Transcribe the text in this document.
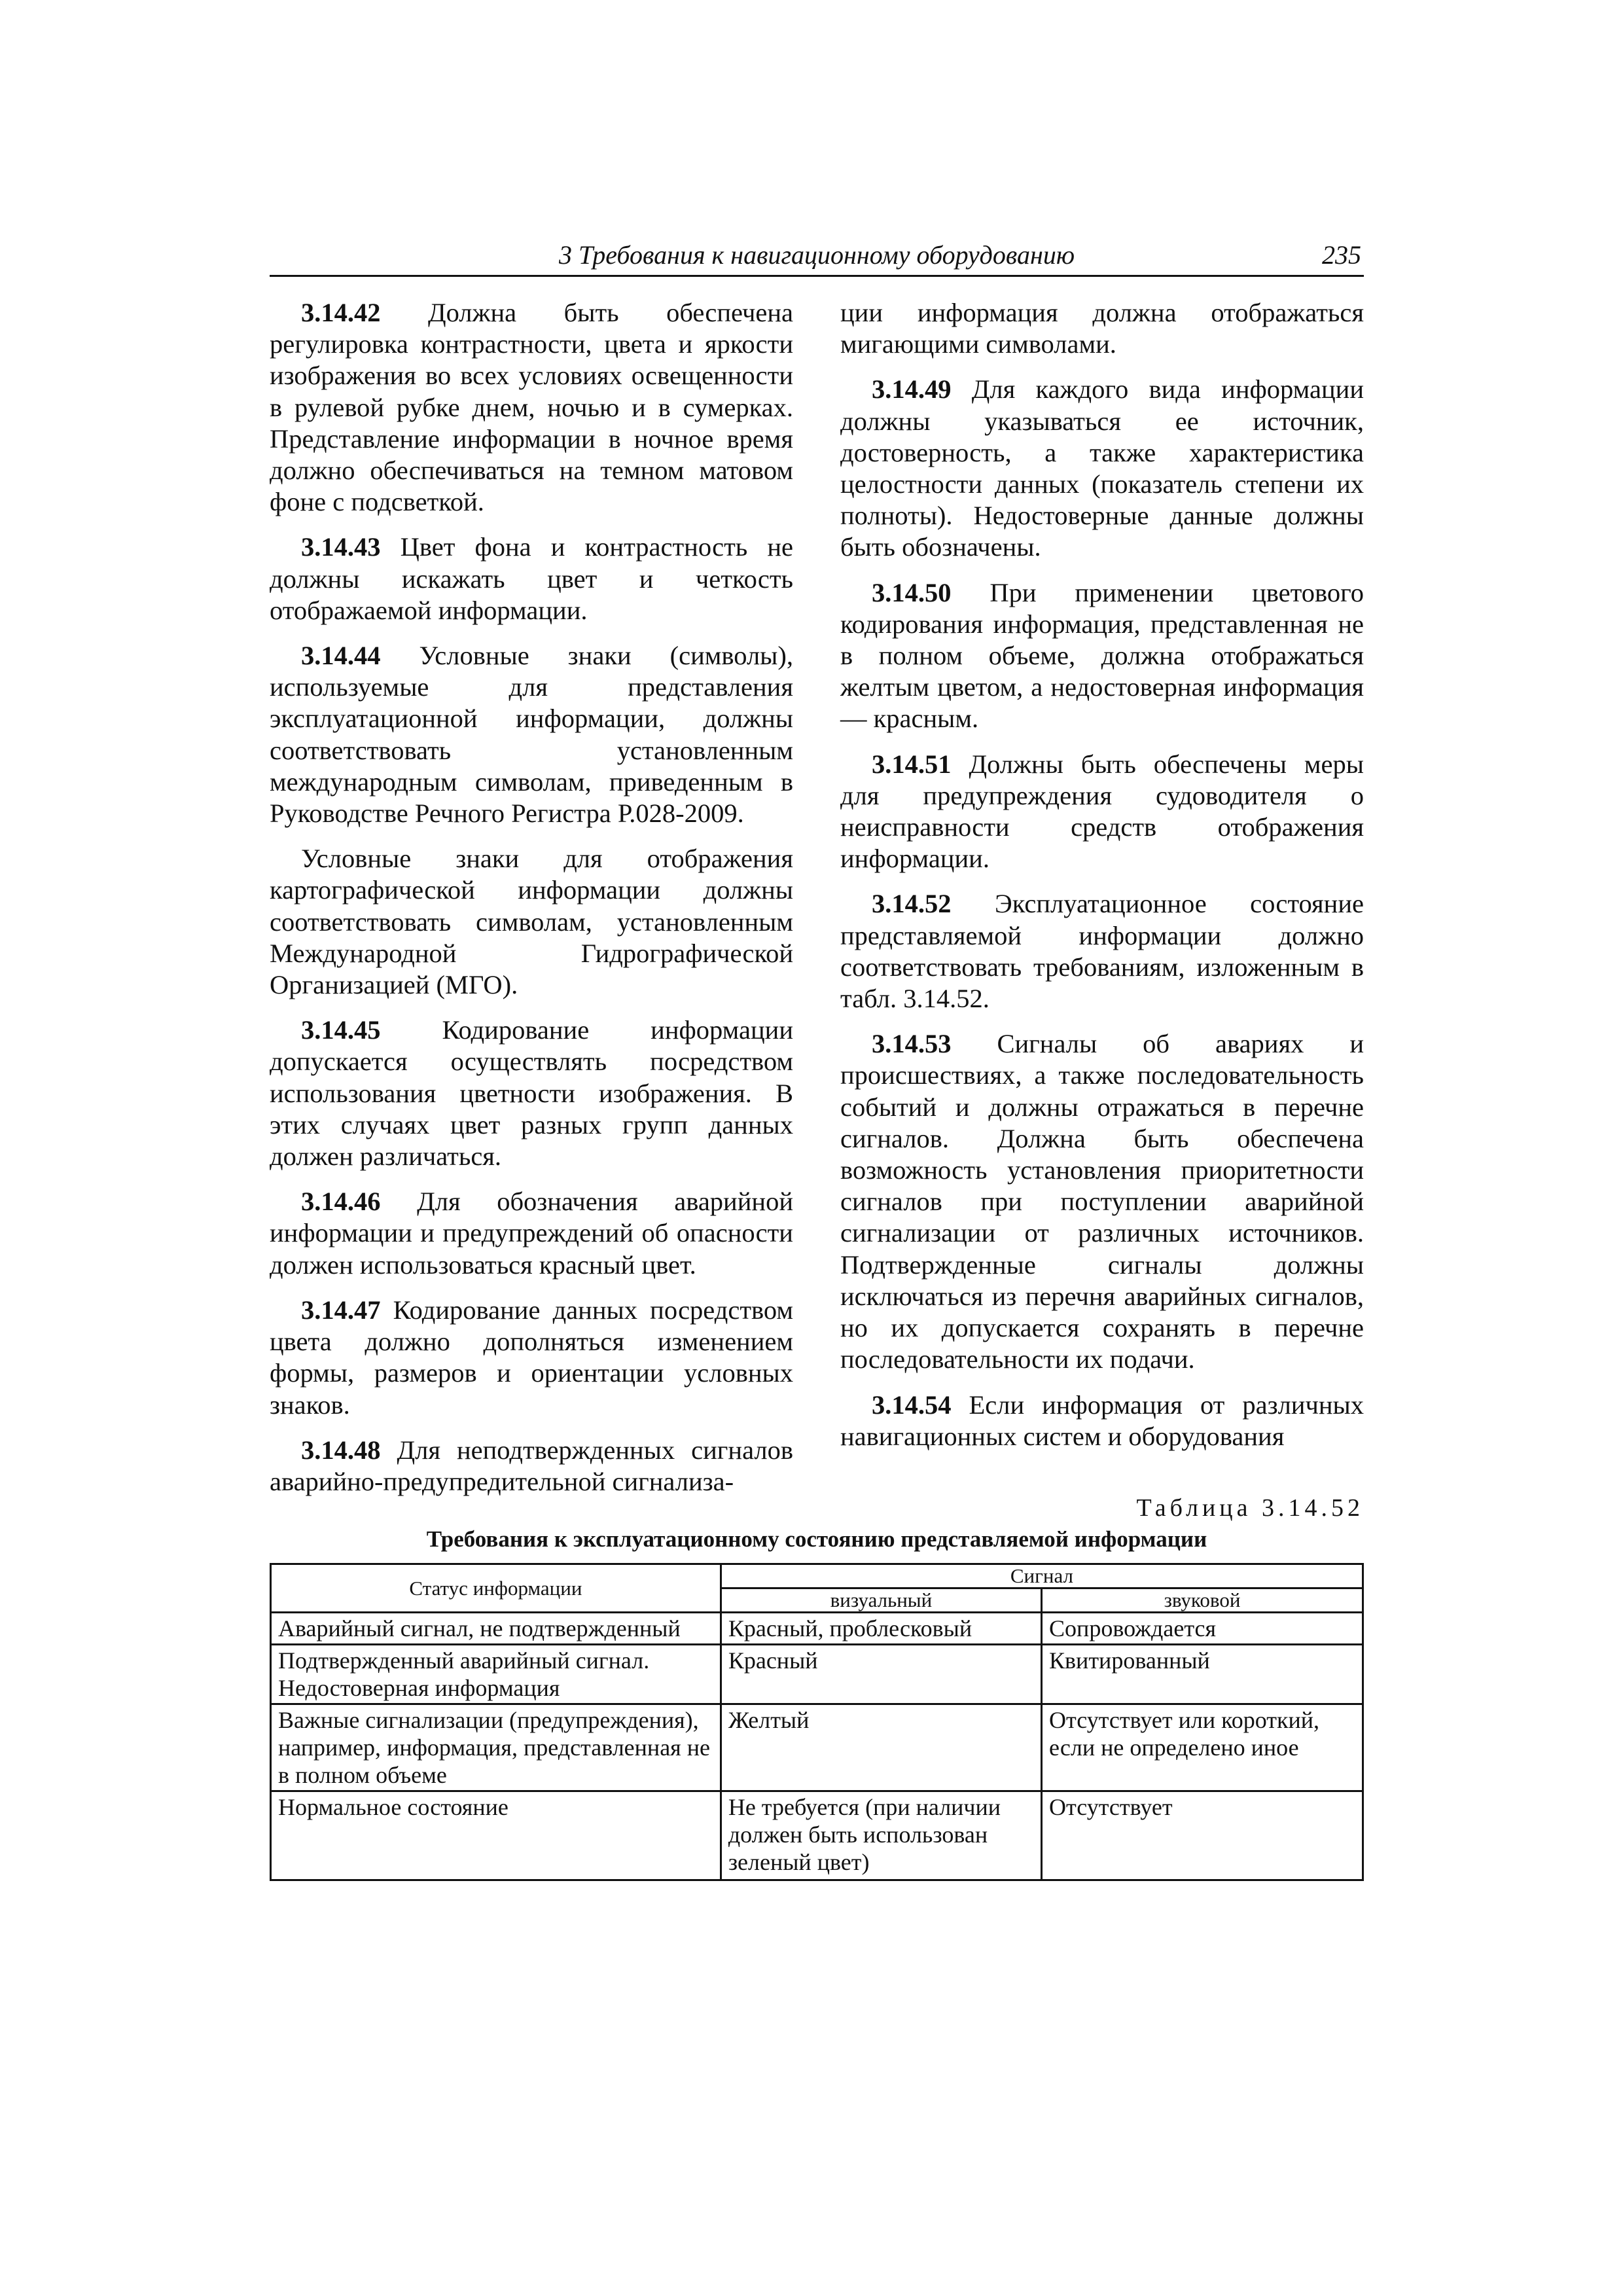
3 Требования к навигационному оборудованию	235

3.14.42 Должна быть обеспечена регулировка контрастности, цвета и яркости изображения во всех условиях освещенности в рулевой рубке днем, ночью и в сумерках. Представление информации в ночное время должно обеспечиваться на темном матовом фоне с подсветкой.

3.14.43 Цвет фона и контрастность не должны искажать цвет и четкость отображаемой информации.

3.14.44 Условные знаки (символы), используемые для представления эксплуатационной информации, должны соответствовать установленным международным символам, приведенным в Руководстве Речного Регистра Р.028-2009.

Условные знаки для отображения картографической информации должны соответствовать символам, установленным Международной Гидрографической Организацией (МГО).

3.14.45 Кодирование информации допускается осуществлять посредством использования цветности изображения. В этих случаях цвет разных групп данных должен различаться.

3.14.46 Для обозначения аварийной информации и предупреждений об опасности должен использоваться красный цвет.

3.14.47 Кодирование данных посредством цвета должно дополняться изменением формы, размеров и ориентации условных знаков.

3.14.48 Для неподтвержденных сигналов аварийно-предупредительной сигнализа-

ции информация должна отображаться мигающими символами.

3.14.49 Для каждого вида информации должны указываться ее источник, достоверность, а также характеристика целостности данных (показатель степени их полноты). Недостоверные данные должны быть обозначены.

3.14.50 При применении цветового кодирования информация, представленная не в полном объеме, должна отображаться желтым цветом, а недостоверная информация — красным.

3.14.51 Должны быть обеспечены меры для предупреждения судоводителя о неисправности средств отображения информации.

3.14.52 Эксплуатационное состояние представляемой информации должно соответствовать требованиям, изложенным в табл. 3.14.52.

3.14.53 Сигналы об авариях и происшествиях, а также последовательность событий и должны отражаться в перечне сигналов. Должна быть обеспечена возможность установления приоритетности сигналов при поступлении аварийной сигнализации от различных источников. Подтвержденные сигналы должны исключаться из перечня аварийных сигналов, но их допускается сохранять в перечне последовательности их подачи.

3.14.54 Если информация от различных навигационных систем и оборудования

Таблица 3.14.52
Требования к эксплуатационному состоянию представляемой информации
Статус информации	Сигнал	
	визуальный	звуковой
Аварийный сигнал, не подтвержденный	Красный, проблесковый	Сопровождается
Подтвержденный аварийный сигнал. Недостоверная информация	Красный	Квитированный
Важные сигнализации (предупреждения), например, информация, представленная не в полном объеме	Желтый	Отсутствует или короткий, если не определено иное
Нормальное состояние	Не требуется (при наличии должен быть использован зеленый цвет)	Отсутствует
